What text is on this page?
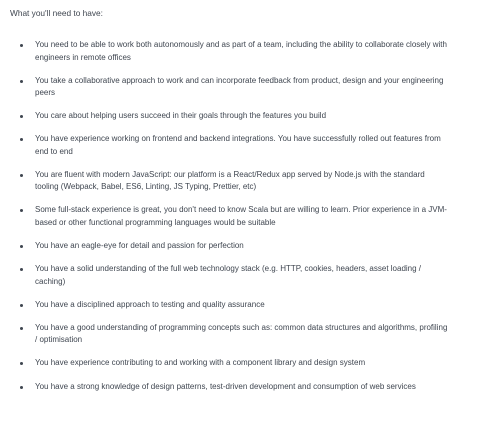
What you'll need to have:
You need to be able to work both autonomously and as part of a team, including the ability to collaborate closely with engineers in remote offices
You take a collaborative approach to work and can incorporate feedback from product, design and your engineering peers
You care about helping users succeed in their goals through the features you build
You have experience working on frontend and backend integrations. You have successfully rolled out features from end to end
You are fluent with modern JavaScript: our platform is a React/Redux app served by Node.js with the standard tooling (Webpack, Babel, ES6, Linting, JS Typing, Prettier, etc)
Some full-stack experience is great, you don't need to know Scala but are willing to learn. Prior experience in a JVM-based or other functional programming languages would be suitable
You have an eagle-eye for detail and passion for perfection
You have a solid understanding of the full web technology stack (e.g. HTTP, cookies, headers, asset loading / caching)
You have a disciplined approach to testing and quality assurance
You have a good understanding of programming concepts such as: common data structures and algorithms, profiling / optimisation
You have experience contributing to and working with a component library and design system
You have a strong knowledge of design patterns, test-driven development and consumption of web services
